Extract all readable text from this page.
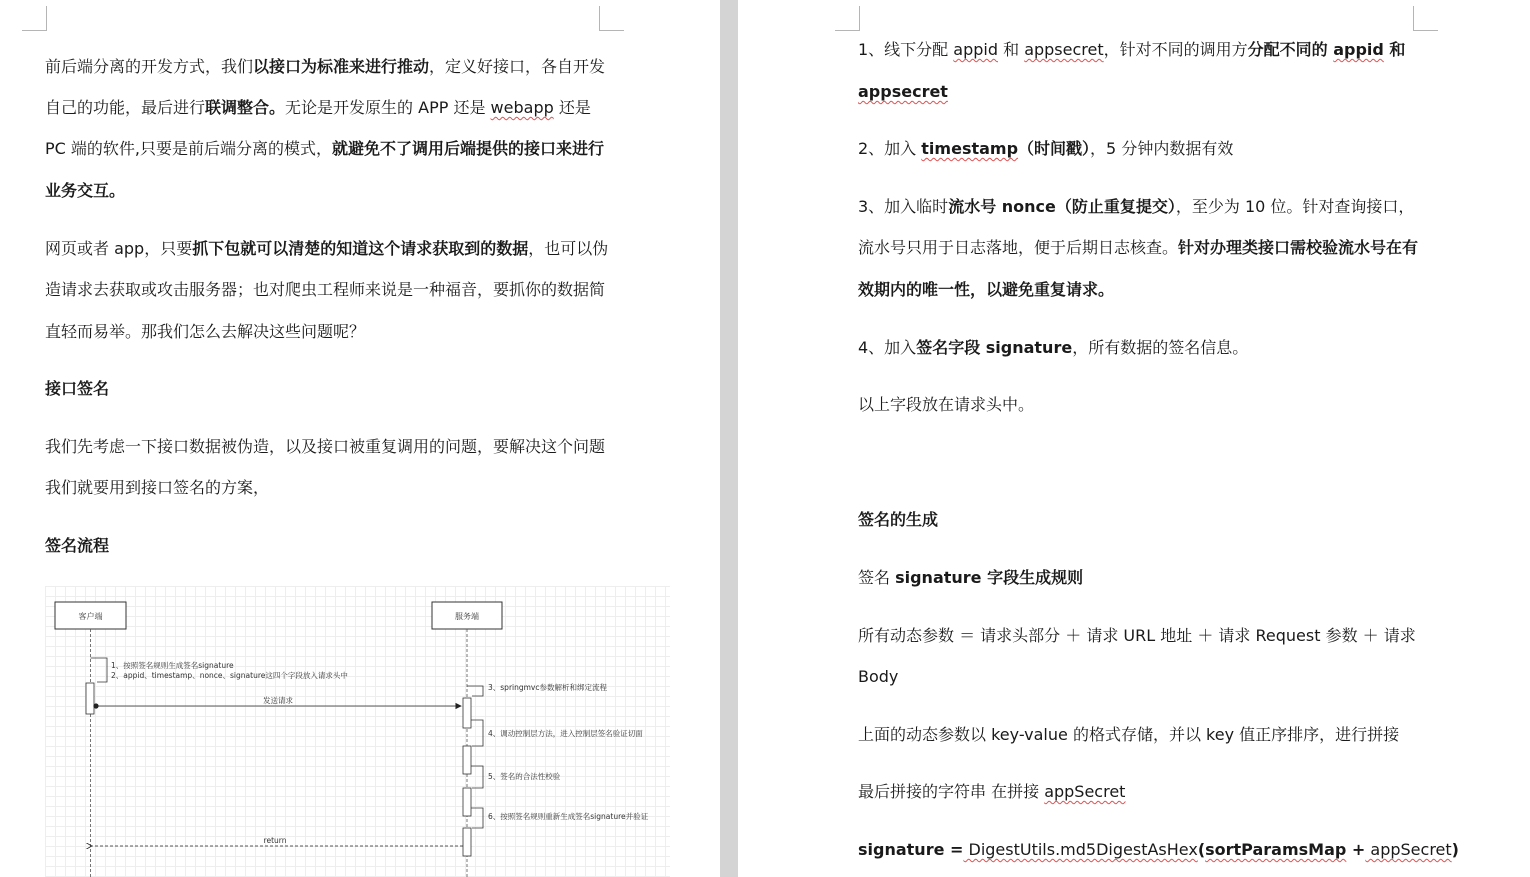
前后端分离的开发方式，我们以接口为标准来进行推动，定义好接口，各自开发

自己的功能，最后进行联调整合。无论是开发原生的 APP 还是 webapp 还是

PC 端的软件,只要是前后端分离的模式，就避免不了调用后端提供的接口来进行

业务交互。

网页或者 app，只要抓下包就可以清楚的知道这个请求获取到的数据，也可以伪

造请求去获取或攻击服务器；也对爬虫工程师来说是一种福音，要抓你的数据简

直轻而易举。那我们怎么去解决这些问题呢？

接口签名

我们先考虑一下接口数据被伪造，以及接口被重复调用的问题，要解决这个问题

我们就要用到接口签名的方案，

签名流程
客户端	服务端
1、按照签名规则生成签名signature
2、appid、timestamp、nonce、signature这四个字段放入请求头中
发送请求
3、springmvc参数解析和绑定流程
4、调动控制层方法，进入控制层签名验证切面
5、签名的合法性校验
6、按照签名规则重新生成签名signature并验证
return

1、线下分配 appid 和 appsecret，针对不同的调用方分配不同的 appid 和

appsecret

2、加入 timestamp（时间戳），5 分钟内数据有效

3、加入临时流水号 nonce（防止重复提交），至少为 10 位。针对查询接口，

流水号只用于日志落地，便于后期日志核查。针对办理类接口需校验流水号在有

效期内的唯一性，以避免重复请求。

4、加入签名字段 signature，所有数据的签名信息。

以上字段放在请求头中。

签名的生成

签名 signature 字段生成规则

所有动态参数 ＝ 请求头部分 ＋ 请求 URL 地址 ＋ 请求 Request 参数 ＋ 请求

Body

上面的动态参数以 key-value 的格式存储，并以 key 值正序排序，进行拼接

最后拼接的字符串 在拼接 appSecret

signature = DigestUtils.md5DigestAsHex(sortParamsMap + appSecret)
